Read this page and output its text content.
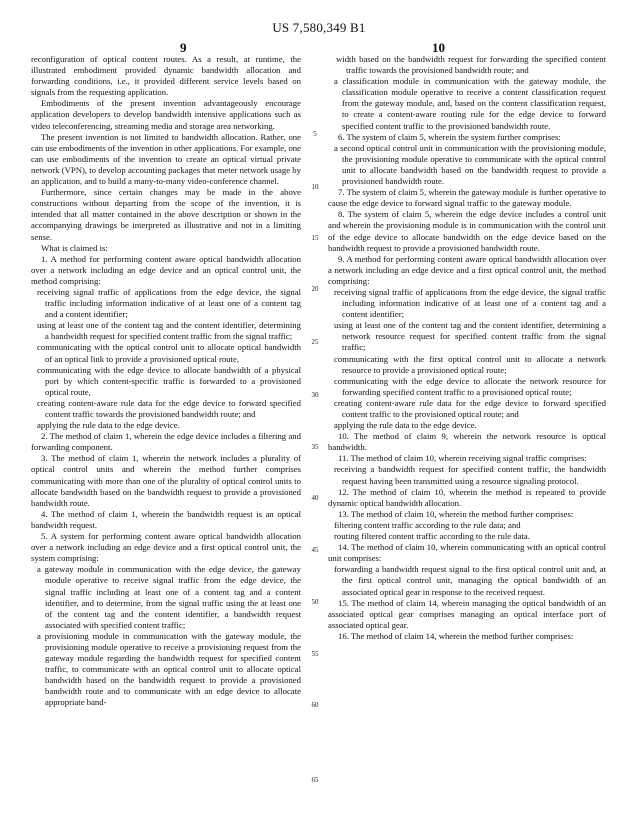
US 7,580,349 B1
9	10

reconfiguration of optical content routes. As a result, at runtime, the illustrated embodiment provided dynamic bandwidth allocation and forwarding conditions, i.e., it provided different service levels based on signals from the requesting application.

Embodiments of the present invention advantageously encourage application developers to develop bandwidth intensive applications such as video teleconferencing, streaming media and storage area networking.

The present invention is not limited to bandwidth allocation. Rather, one can use embodiments of the invention in other applications. For example, one can use embodiments of the invention to create an optical virtual private network (VPN), to develop accounting packages that meter network usage by an application, and to build a many-to-many video-conference channel.

Furthermore, since certain changes may be made in the above constructions without departing from the scope of the invention, it is intended that all matter contained in the above description or shown in the accompanying drawings be interpreted as illustrative and not in a limiting sense.

What is claimed is:

1. A method for performing content aware optical bandwidth allocation over a network including an edge device and an optical control unit, the method comprising:

receiving signal traffic of applications from the edge device, the signal traffic including information indicative of at least one of a content tag and a content identifier;

using at least one of the content tag and the content identifier, determining a bandwidth request for specified content traffic from the signal traffic;

communicating with the optical control unit to allocate optical bandwidth of an optical link to provide a provisioned optical route,

communicating with the edge device to allocate bandwidth of a physical port by which content-specific traffic is forwarded to a provisioned optical route,

creating content-aware rule data for the edge device to forward specified content traffic towards the provisioned bandwidth route; and

applying the rule data to the edge device.

2. The method of claim 1, wherein the edge device includes a filtering and forwarding component.

3. The method of claim 1, wherein the network includes a plurality of optical control units and wherein the method further comprises communicating with more than one of the plurality of optical control units to allocate bandwidth based on the bandwidth request to provide a provisioned bandwidth route.

4. The method of claim 1, wherein the bandwidth request is an optical bandwidth request.

5. A system for performing content aware optical bandwidth allocation over a network including an edge device and a first optical control unit, the system comprising:

a gateway module in communication with the edge device, the gateway module operative to receive signal traffic from the edge device, the signal traffic including at least one of a content tag and a content identifier, and to determine, from the signal traffic using the at least one of the content tag and the content identifier, a bandwidth request associated with specified content traffic;

a provisioning module in communication with the gateway module, the provisioning module operative to receive a provisioning request from the gateway module regarding the bandwidth request for specified content traffic, to communicate with an optical control unit to allocate optical bandwidth based on the bandwidth request to provide a provisioned bandwidth route and to communicate with an edge device to allocate appropriate band-

5
10
15
20
25
30
35
40
45
50
55
60
65

width based on the bandwidth request for forwarding the specified content traffic towards the provisioned bandwidth route; and

a classification module in communication with the gateway module, the classification module operative to receive a content classification request from the gateway module, and, based on the content classification request, to create a content-aware routing rule for the edge device to forward specified content traffic to the provisioned bandwidth route.

6. The system of claim 5, wherein the system further comprises:

a second optical control unit in communication with the provisioning module, the provisioning module operative to communicate with the optical control unit to allocate bandwidth based on the bandwidth request to provide a provisioned bandwidth route.

7. The system of claim 5, wherein the gateway module is further operative to cause the edge device to forward signal traffic to the gateway module.

8. The system of claim 5, wherein the edge device includes a control unit and wherein the provisioning module is in communication with the control unit of the edge device to allocate bandwidth on the edge device based on the bandwidth request to provide a provisioned bandwidth route.

9. A method for performing content aware optical bandwidth allocation over a network including an edge device and a first optical control unit, the method comprising:

receiving signal traffic of applications from the edge device, the signal traffic including information indicative of at least one of a content tag and a content identifier;

using at least one of the content tag and the content identifier, determining a network resource request for specified content traffic from the signal traffic;

communicating with the first optical control unit to allocate a network resource to provide a provisioned optical route;

communicating with the edge device to allocate the network resource for forwarding specified content traffic to a provisioned optical route;

creating content-aware rule data for the edge device to forward specified content traffic to the provisioned optical route; and

applying the rule data to the edge device.

10. The method of claim 9, wherein the network resource is optical bandwidth.

11. The method of claim 10, wherein receiving signal traffic comprises:

receiving a bandwidth request for specified content traffic, the bandwidth request having been transmitted using a resource signaling protocol.

12. The method of claim 10, wherein the method is repeated to provide dynamic optical bandwidth allocation.

13. The method of claim 10, wherein the method further comprises:

filtering content traffic according to the rule data; and

routing filtered content traffic according to the rule data.

14. The method of claim 10, wherein communicating with an optical control unit comprises:

forwarding a bandwidth request signal to the first optical control unit and, at the first optical control unit, managing the optical bandwidth of an associated optical gear in response to the received request.

15. The method of claim 14, wherein managing the optical bandwidth of an associated optical gear comprises managing an optical interface port of associated optical gear.

16. The method of claim 14, wherein the method further comprises:
